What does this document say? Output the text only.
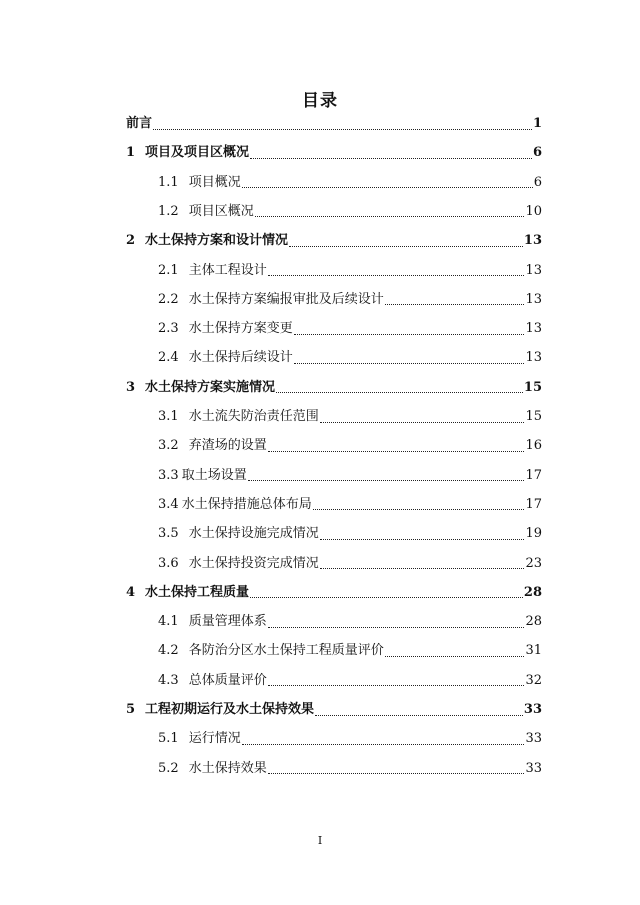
目录
前言	1
1 项目及项目区概况	6
1.1 项目概况	6
1.2 项目区概况	10
2 水土保持方案和设计情况	13
2.1 主体工程设计	13
2.2 水土保持方案编报审批及后续设计	13
2.3 水土保持方案变更	13
2.4 水土保持后续设计	13
3 水土保持方案实施情况	15
3.1 水土流失防治责任范围	15
3.2 弃渣场的设置	16
3.3 取土场设置	17
3.4 水土保持措施总体布局	17
3.5 水土保持设施完成情况	19
3.6 水土保持投资完成情况	23
4 水土保持工程质量	28
4.1 质量管理体系	28
4.2 各防治分区水土保持工程质量评价	31
4.3 总体质量评价	32
5 工程初期运行及水土保持效果	33
5.1 运行情况	33
5.2 水土保持效果	33
I
